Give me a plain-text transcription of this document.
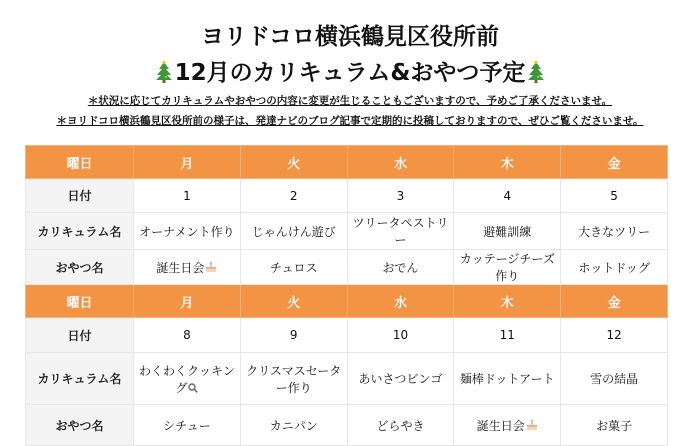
ヨリドコロ横浜鶴見区役所前
12月のカリキュラム&おやつ予定
＊状況に応じてカリキュラムやおやつの内容に変更が生じることもございますので、予めご了承くださいませ。
＊ヨリドコロ横浜鶴見区役所前の様子は、発達ナビのブログ記事で定期的に投稿しておりますので、ぜひご覧くださいませ。
曜日	月	火	水	木	金
日付	1	2	3	4	5
カリキュラム名	オーナメント作り	じゃんけん遊び	ツリータペストリー	避難訓練	大きなツリー
おやつ名	誕生日会	チュロス	おでん	カッテージチーズ作り	ホットドッグ
曜日	月	火	水	木	金
日付	8	9	10	11	12
カリキュラム名	わくわくクッキング	クリスマスセーター作り	あいさつビンゴ	麺棒ドットアート	雪の結晶
おやつ名	シチュー	カニパン	どらやき	誕生日会	お菓子
